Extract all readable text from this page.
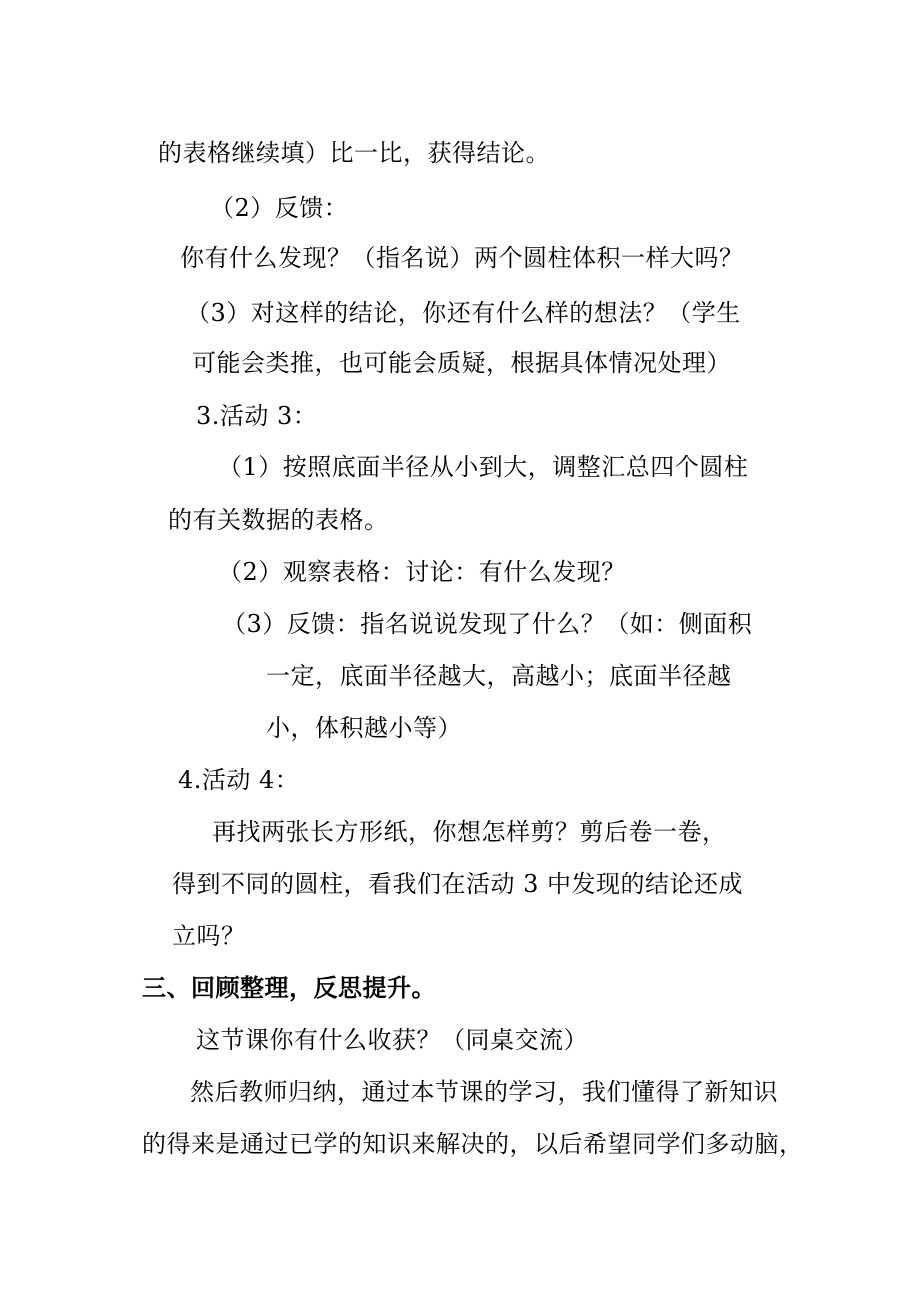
的表格继续填）比一比，获得结论。
（2）反馈：
你有什么发现？（指名说）两个圆柱体积一样大吗？
（3）对这样的结论，你还有什么样的想法？（学生
可能会类推，也可能会质疑，根据具体情况处理）
3.活动 3：
（1）按照底面半径从小到大，调整汇总四个圆柱
的有关数据的表格。
（2）观察表格：讨论：有什么发现？
（3）反馈：指名说说发现了什么？（如：侧面积
一定，底面半径越大，高越小；底面半径越
小，体积越小等）
4.活动 4：
再找两张长方形纸，你想怎样剪？剪后卷一卷，
得到不同的圆柱，看我们在活动 3 中发现的结论还成
立吗？
三、回顾整理，反思提升。
这节课你有什么收获？（同桌交流）
然后教师归纳，通过本节课的学习，我们懂得了新知识
的得来是通过已学的知识来解决的，以后希望同学们多动脑，
